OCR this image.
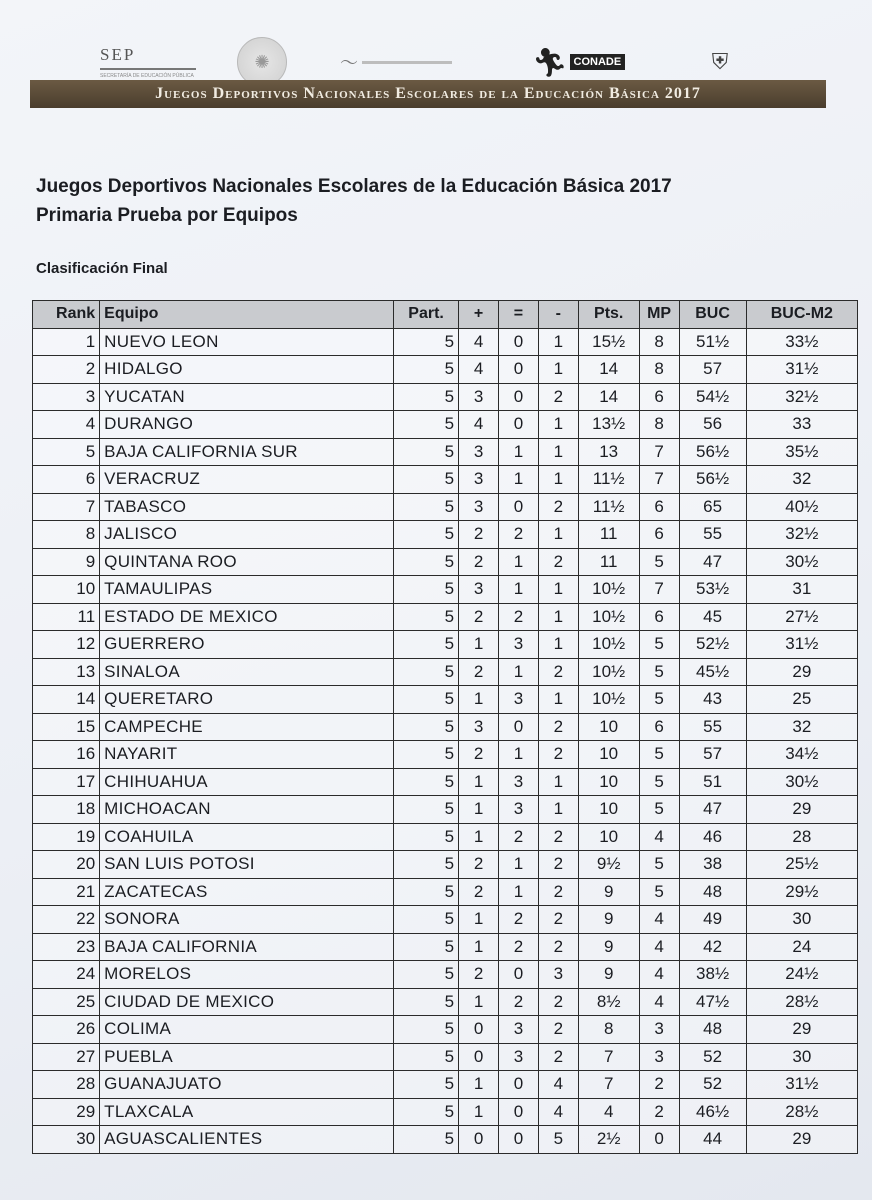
SEP
SECRETARÍA DE EDUCACIÓN PÚBLICA
✺	〜	🏃︎ CONADE	⛨
Juegos Deportivos Nacionales Escolares de la Educación Básica 2017
Juegos Deportivos Nacionales Escolares de la Educación Básica 2017
Primaria Prueba por Equipos
Clasificación Final
Rank	Equipo	Part.	+	=	-	Pts.	MP	BUC	BUC-M2
1	NUEVO LEON	5	4	0	1	15½	8	51½	33½
2	HIDALGO	5	4	0	1	14	8	57	31½
3	YUCATAN	5	3	0	2	14	6	54½	32½
4	DURANGO	5	4	0	1	13½	8	56	33
5	BAJA CALIFORNIA SUR	5	3	1	1	13	7	56½	35½
6	VERACRUZ	5	3	1	1	11½	7	56½	32
7	TABASCO	5	3	0	2	11½	6	65	40½
8	JALISCO	5	2	2	1	11	6	55	32½
9	QUINTANA ROO	5	2	1	2	11	5	47	30½
10	TAMAULIPAS	5	3	1	1	10½	7	53½	31
11	ESTADO DE MEXICO	5	2	2	1	10½	6	45	27½
12	GUERRERO	5	1	3	1	10½	5	52½	31½
13	SINALOA	5	2	1	2	10½	5	45½	29
14	QUERETARO	5	1	3	1	10½	5	43	25
15	CAMPECHE	5	3	0	2	10	6	55	32
16	NAYARIT	5	2	1	2	10	5	57	34½
17	CHIHUAHUA	5	1	3	1	10	5	51	30½
18	MICHOACAN	5	1	3	1	10	5	47	29
19	COAHUILA	5	1	2	2	10	4	46	28
20	SAN LUIS POTOSI	5	2	1	2	9½	5	38	25½
21	ZACATECAS	5	2	1	2	9	5	48	29½
22	SONORA	5	1	2	2	9	4	49	30
23	BAJA CALIFORNIA	5	1	2	2	9	4	42	24
24	MORELOS	5	2	0	3	9	4	38½	24½
25	CIUDAD DE MEXICO	5	1	2	2	8½	4	47½	28½
26	COLIMA	5	0	3	2	8	3	48	29
27	PUEBLA	5	0	3	2	7	3	52	30
28	GUANAJUATO	5	1	0	4	7	2	52	31½
29	TLAXCALA	5	1	0	4	4	2	46½	28½
30	AGUASCALIENTES	5	0	0	5	2½	0	44	29
